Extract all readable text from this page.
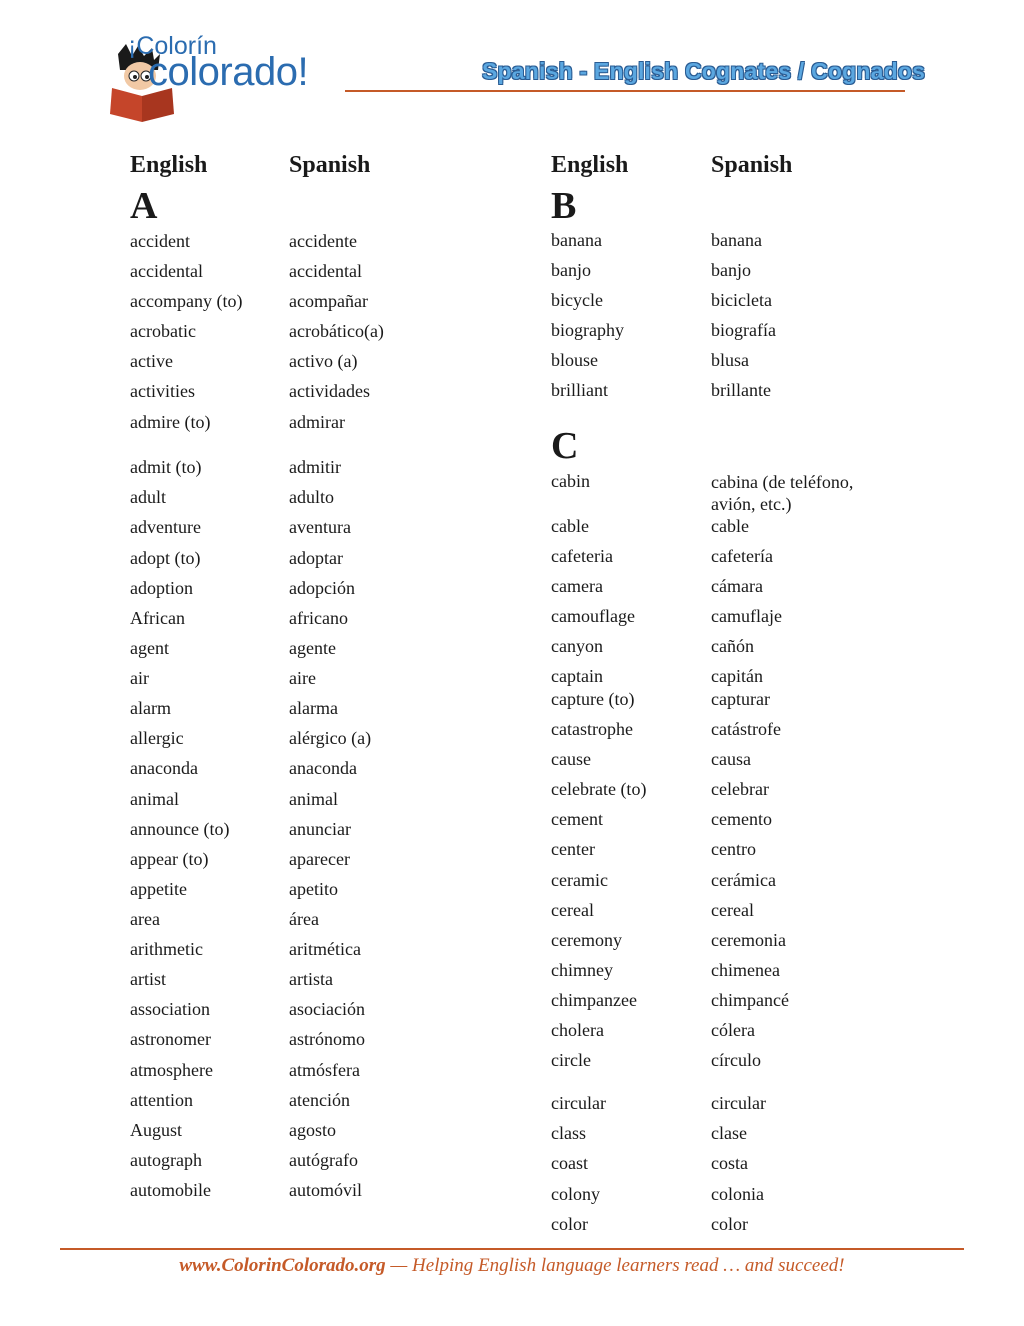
¡Colorín
colorado!	Spanish - English Cognates / Cognados
English	Spanish	English	Spanish
A	B
C
accident	accidente
accidental	accidental
accompany (to)	acompañar
acrobatic	acrobático(a)
active	activo (a)
activities	actividades
admire (to)	admirar
admit (to)	admitir
adult	adulto
adventure	aventura
adopt (to)	adoptar
adoption	adopción
African	africano
agent	agente
air	aire
alarm	alarma
allergic	alérgico (a)
anaconda	anaconda
animal	animal
announce (to)	anunciar
appear (to)	aparecer
appetite	apetito
area	área
arithmetic	aritmética
artist	artista
association	asociación
astronomer	astrónomo
atmosphere	atmósfera
attention	atención
August	agosto
autograph	autógrafo
automobile	automóvil
banana	banana
banjo	banjo
bicycle	bicicleta
biography	biografía
blouse	blusa
brilliant	brillante
cabin	cabina (de teléfono, avión, etc.)
cable	cable
cafeteria	cafetería
camera	cámara
camouflage	camuflaje
canyon	cañón
captain	capitán
capture (to)	capturar
catastrophe	catástrofe
cause	causa
celebrate (to)	celebrar
cement	cemento
center	centro
ceramic	cerámica
cereal	cereal
ceremony	ceremonia
chimney	chimenea
chimpanzee	chimpancé
cholera	cólera
circle	círculo
circular	circular
class	clase
coast	costa
colony	colonia
color	color
www.ColorinColorado.org — Helping English language learners read … and succeed!
